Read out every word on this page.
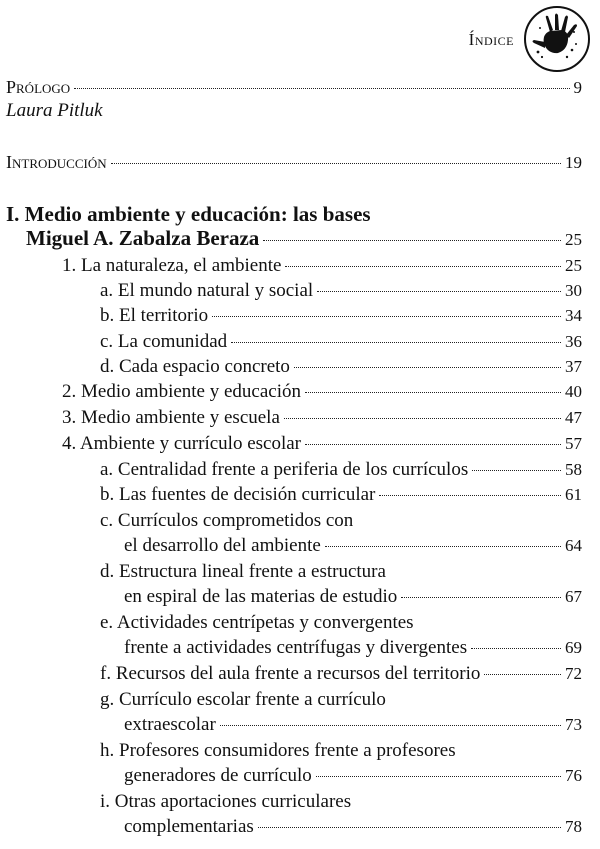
Índice
Prólogo	9
Laura Pitluk
Introducción	19
I. Medio ambiente y educación: las bases
Miguel A. Zabalza Beraza	25
1. La naturaleza, el ambiente	25
a. El mundo natural y social	30
b. El territorio	34
c. La comunidad	36
d. Cada espacio concreto	37
2. Medio ambiente y educación	40
3. Medio ambiente y escuela	47
4. Ambiente y currículo escolar	57
a. Centralidad frente a periferia de los currículos	58
b. Las fuentes de decisión curricular	61
c. Currículos comprometidos con
el desarrollo del ambiente	64
d. Estructura lineal frente a estructura
en espiral de las materias de estudio	67
e. Actividades centrípetas y convergentes
frente a actividades centrífugas y divergentes	69
f. Recursos del aula frente a recursos del territorio	72
g. Currículo escolar frente a currículo
extraescolar	73
h. Profesores consumidores frente a profesores
generadores de currículo	76
i. Otras aportaciones curriculares
complementarias	78
